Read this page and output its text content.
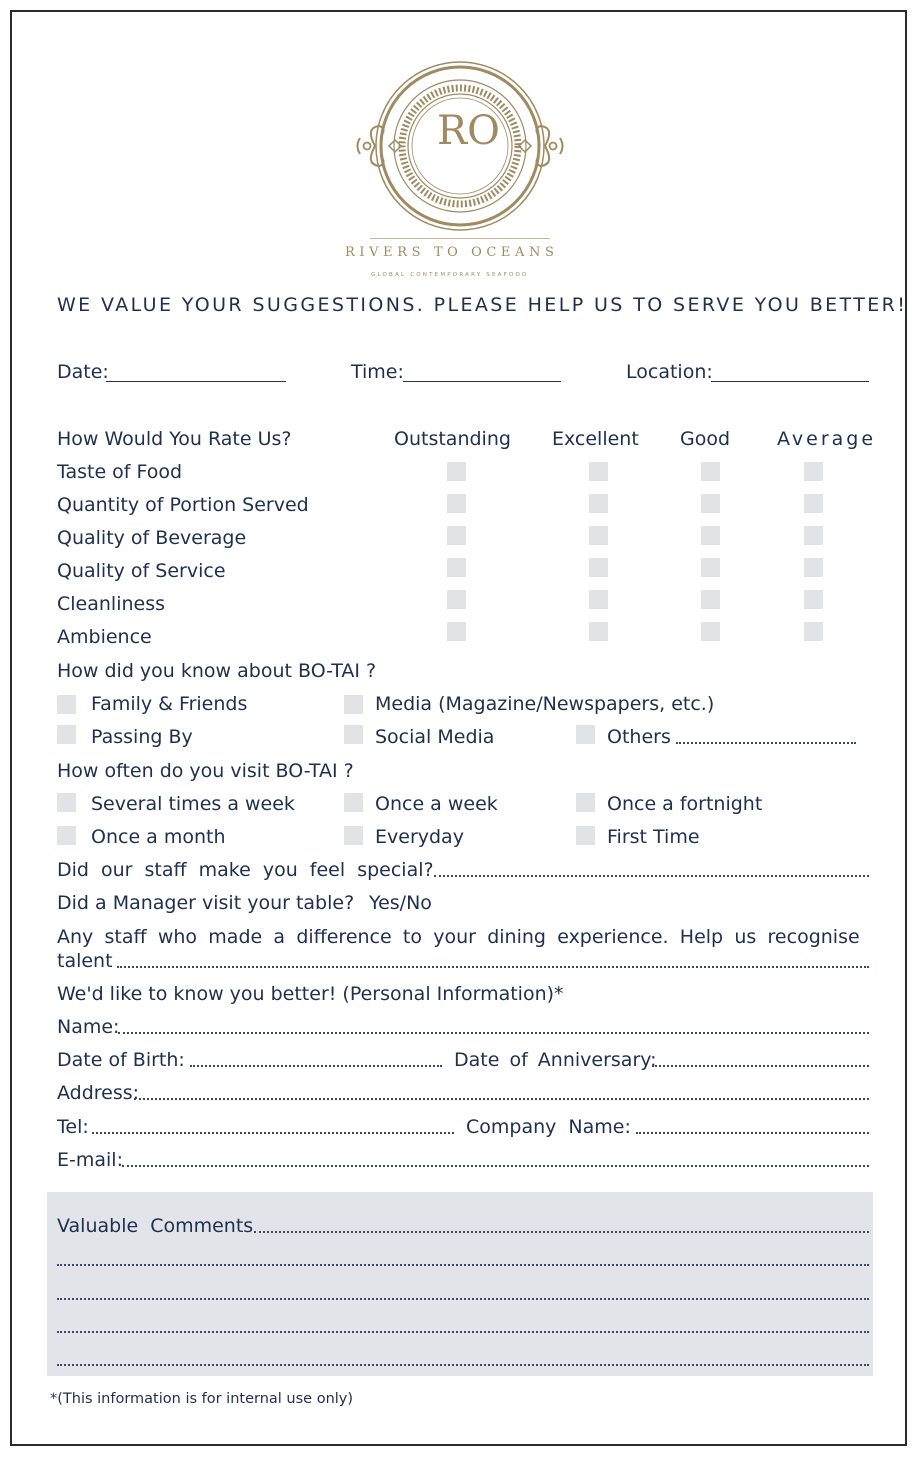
RO
RIVERS TO OCEANS
GLOBAL CONTEMPORARY SEAFOOD
WE VALUE YOUR SUGGESTIONS. PLEASE HELP US TO SERVE YOU BETTER!
Date:	Time:	Location:
How Would You Rate Us?	Outstanding Excellent Good Average
Taste of Food
Quantity of Portion Served
Quality of Beverage
Quality of Service
Cleanliness
Ambience
How did you know about BO-TAI ?
Family & Friends	Media (Magazine/Newspapers, etc.)
Passing By	Social Media	Others
How often do you visit BO-TAI ?
Several times a week	Once a week	Once a fortnight
Once a month	Everyday	First Time
Did our staff make you feel special?
Did a Manager visit your table? Yes/No
Any staff who made a difference to your dining experience. Help us recognise
talent
We'd like to know you better! (Personal Information)*
Name:
Date of Birth:	Date of Anniversary:
Address:
Tel:	Company Name:
E-mail:
Valuable Comments
*(This information is for internal use only)
